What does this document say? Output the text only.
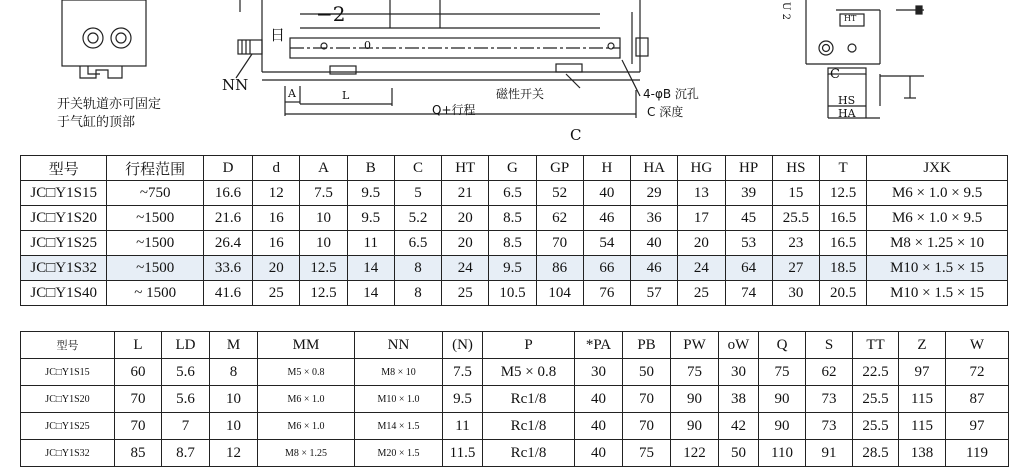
开关轨道亦可固定
于气缸的顶部
−2
日
0
NN	A	L
Q+行程
磁性开关	4-φB 沉孔
C 深度
C
HT
C
HS
HA
U 2
型号	行程范围	D	d	A	B	C	HT	G	GP	H	HA	HG	HP	HS	T	JXK
JC□Y1S15	~750	16.6	12	7.5	9.5	5	21	6.5	52	40	29	13	39	15	12.5	M6 × 1.0 × 9.5
JC□Y1S20	~1500	21.6	16	10	9.5	5.2	20	8.5	62	46	36	17	45	25.5	16.5	M6 × 1.0 × 9.5
JC□Y1S25	~1500	26.4	16	10	11	6.5	20	8.5	70	54	40	20	53	23	16.5	M8 × 1.25 × 10
JC□Y1S32	~1500	33.6	20	12.5	14	8	24	9.5	86	66	46	24	64	27	18.5	M10 × 1.5 × 15
JC□Y1S40	~ 1500	41.6	25	12.5	14	8	25	10.5	104	76	57	25	74	30	20.5	M10 × 1.5 × 15
型号	L	LD	M	MM	NN	(N)	P	*PA	PB	PW	oW	Q	S	TT	Z	W
JC□Y1S15	60	5.6	8	M5 × 0.8	M8 × 10	7.5	M5 × 0.8	30	50	75	30	75	62	22.5	97	72
JC□Y1S20	70	5.6	10	M6 × 1.0	M10 × 1.0	9.5	Rc1/8	40	70	90	38	90	73	25.5	115	87
JC□Y1S25	70	7	10	M6 × 1.0	M14 × 1.5	11	Rc1/8	40	70	90	42	90	73	25.5	115	97
JC□Y1S32	85	8.7	12	M8 × 1.25	M20 × 1.5	11.5	Rc1/8	40	75	122	50	110	91	28.5	138	119
